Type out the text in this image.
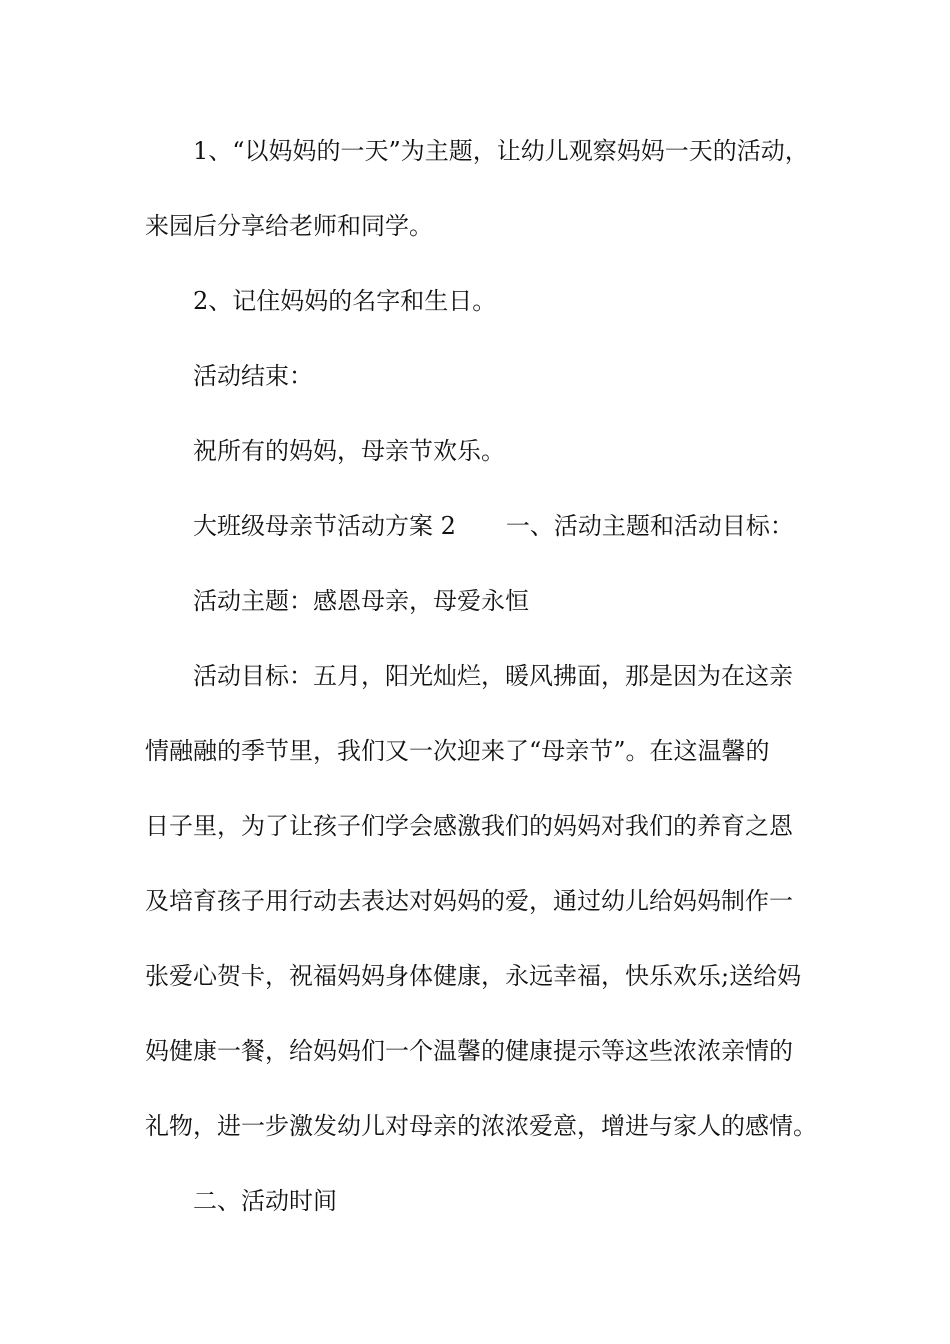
1、“以妈妈的一天”为主题，让幼儿观察妈妈一天的活动，
来园后分享给老师和同学。
2、记住妈妈的名字和生日。
活动结束：
祝所有的妈妈，母亲节欢乐。
大班级母亲节活动方案 2 一、活动主题和活动目标：
活动主题：感恩母亲，母爱永恒
活动目标：五月，阳光灿烂，暖风拂面，那是因为在这亲
情融融的季节里，我们又一次迎来了“母亲节”。在这温馨的
日子里，为了让孩子们学会感激我们的妈妈对我们的养育之恩
及培育孩子用行动去表达对妈妈的爱，通过幼儿给妈妈制作一
张爱心贺卡，祝福妈妈身体健康，永远幸福，快乐欢乐;送给妈
妈健康一餐，给妈妈们一个温馨的健康提示等这些浓浓亲情的
礼物，进一步激发幼儿对母亲的浓浓爱意，增进与家人的感情。
二、活动时间
